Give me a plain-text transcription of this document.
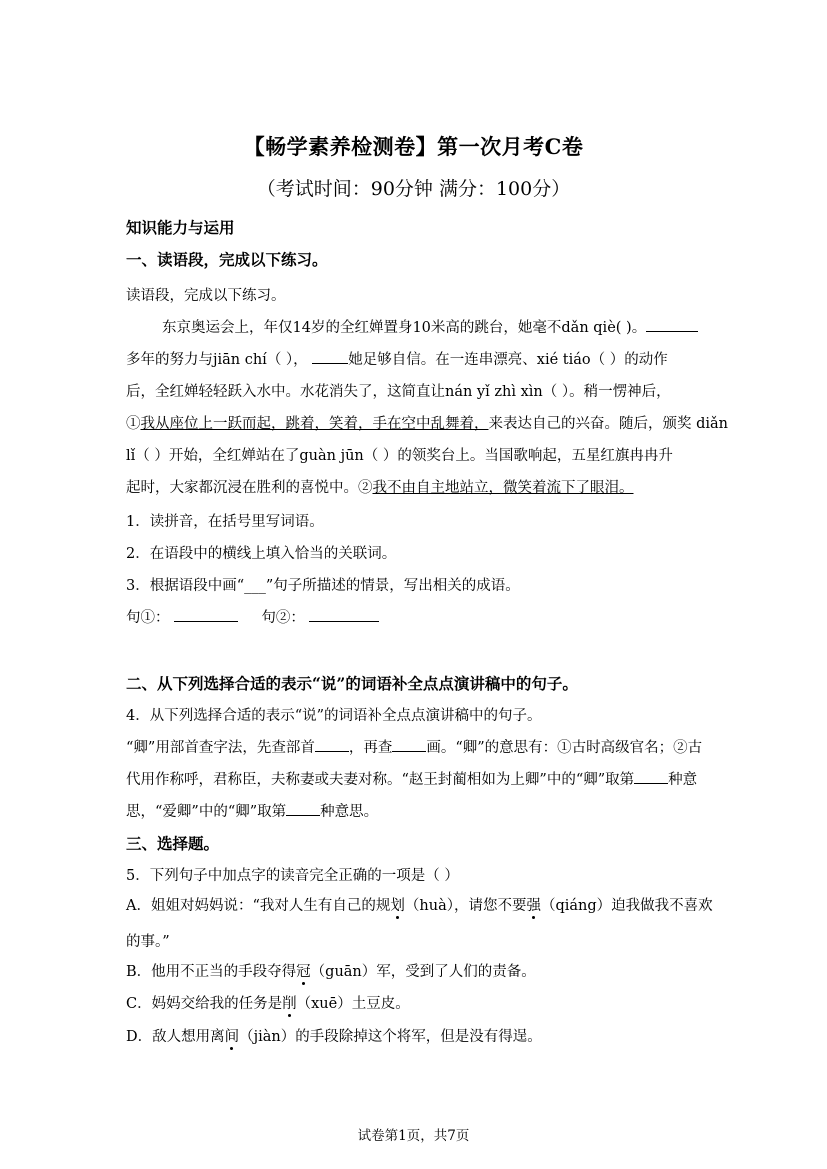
【畅学素养检测卷】第一次月考C卷
（考试时间：90分钟 满分：100分）
知识能力与运用
一、读语段，完成以下练习。
读语段，完成以下练习。
东京奥运会上，年仅14岁的全红婵置身10米高的跳台，她毫不dǎn qiè( )。
多年的努力与jiān chí（ ），	她足够自信。在一连串漂亮、xié tiáo（ ）的动作
后，全红婵轻轻跃入水中。水花消失了，这简直让nán yǐ zhì xìn（ ）。稍一愣神后，
①我从座位上一跃而起，跳着，笑着，手在空中乱舞着，来表达自己的兴奋。随后，颁奖 diǎn
lǐ（ ）开始，全红婵站在了guàn jūn（ ）的领奖台上。当国歌响起，五星红旗冉冉升
起时，大家都沉浸在胜利的喜悦中。②我不由自主地站立，微笑着流下了眼泪。
1．读拼音，在括号里写词语。
2．在语段中的横线上填入恰当的关联词。
3．根据语段中画“___”句子所描述的情景，写出相关的成语。
句①：	句②：
二、从下列选择合适的表示“说”的词语补全点点演讲稿中的句子。
4．从下列选择合适的表示“说”的词语补全点点演讲稿中的句子。
“卿”用部首查字法，先查部首 ，再查 画。“卿”的意思有：①古时高级官名；②古
代用作称呼，君称臣，夫称妻或夫妻对称。“赵王封蔺相如为上卿”中的“卿”取第 种意
思，“爱卿”中的“卿”取第 种意思。
三、选择题。
5．下列句子中加点字的读音完全正确的一项是（ ）
A．姐姐对妈妈说：“我对人生有自己的规划（huà），请您不要强（qiáng）迫我做我不喜欢
的事。”
B．他用不正当的手段夺得冠（guān）军，受到了人们的责备。
C．妈妈交给我的任务是削（xuē）土豆皮。
D．敌人想用离间（jiàn）的手段除掉这个将军，但是没有得逞。
试卷第1页，共7页
